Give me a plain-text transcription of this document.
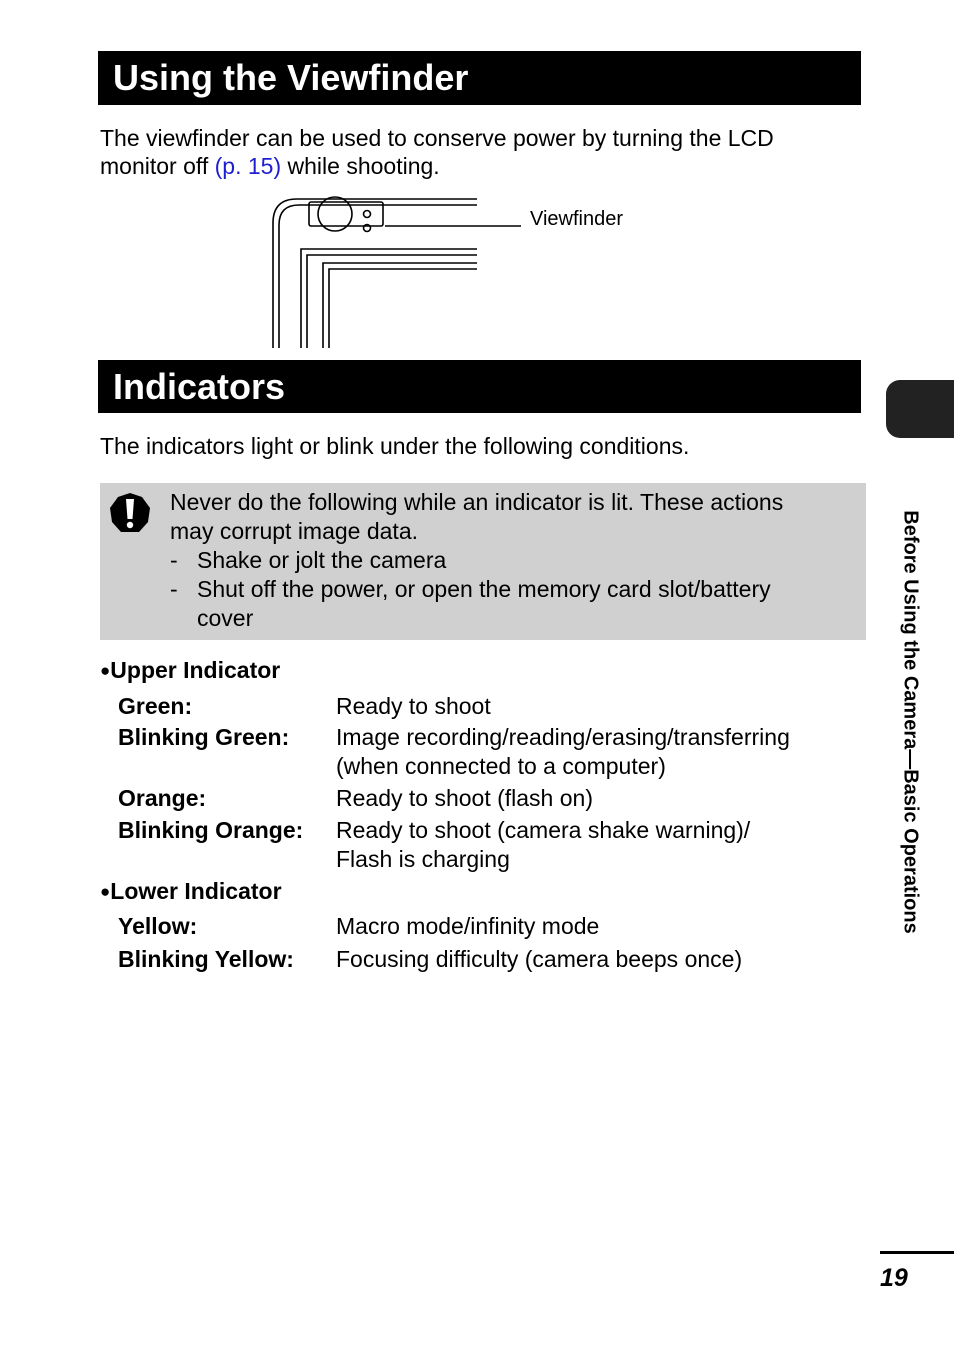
Using the Viewfinder
The viewfinder can be used to conserve power by turning the LCD
monitor off (p. 15) while shooting.
Viewfinder
Indicators
The indicators light or blink under the following conditions.
Never do the following while an indicator is lit. These actions
may corrupt image data.
- Shake or jolt the camera
- Shut off the power, or open the memory card slot/battery
cover
●Upper Indicator
Green:	Ready to shoot
Blinking Green: Image recording/reading/erasing/transferring
(when connected to a computer)
Orange:	Ready to shoot (flash on)
Blinking Orange: Ready to shoot (camera shake warning)/
Flash is charging
●Lower Indicator
Yellow:	Macro mode/infinity mode
Blinking Yellow: Focusing difficulty (camera beeps once)
Before Using the Camera—Basic Operations
19
